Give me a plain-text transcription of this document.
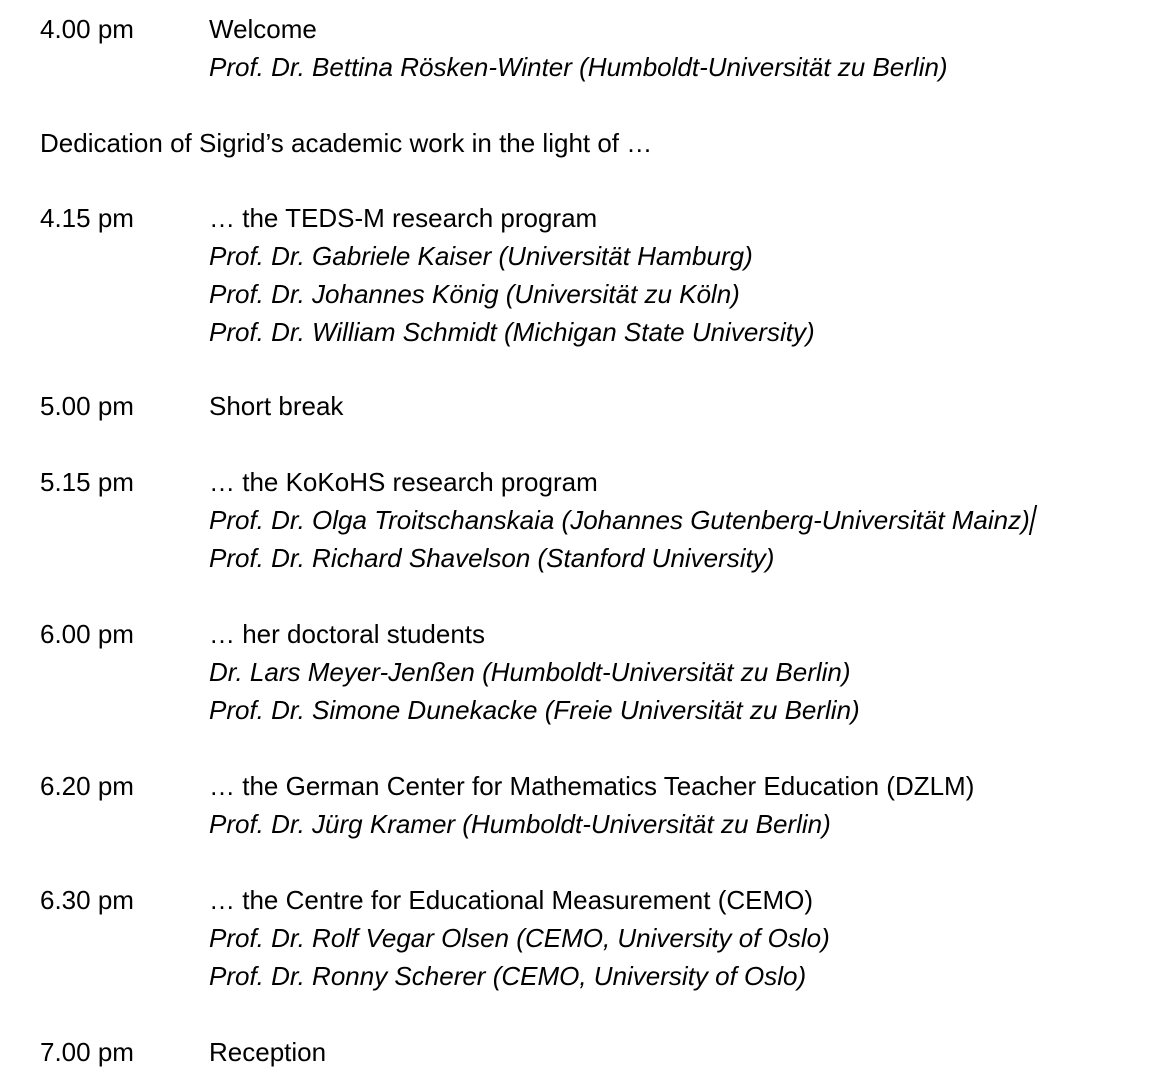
4.00 pm	Welcome
Prof. Dr. Bettina Rösken-Winter (Humboldt-Universität zu Berlin)
Dedication of Sigrid’s academic work in the light of …
4.15 pm	… the TEDS-M research program
Prof. Dr. Gabriele Kaiser (Universität Hamburg)
Prof. Dr. Johannes König (Universität zu Köln)
Prof. Dr. William Schmidt (Michigan State University)
5.00 pm	Short break
5.15 pm	… the KoKoHS research program
Prof. Dr. Olga Troitschanskaia (Johannes Gutenberg-Universität Mainz)
Prof. Dr. Richard Shavelson (Stanford University)
6.00 pm	… her doctoral students
Dr. Lars Meyer-Jenßen (Humboldt-Universität zu Berlin)
Prof. Dr. Simone Dunekacke (Freie Universität zu Berlin)
6.20 pm	… the German Center for Mathematics Teacher Education (DZLM)
Prof. Dr. Jürg Kramer (Humboldt-Universität zu Berlin)
6.30 pm	… the Centre for Educational Measurement (CEMO)
Prof. Dr. Rolf Vegar Olsen (CEMO, University of Oslo)
Prof. Dr. Ronny Scherer (CEMO, University of Oslo)
7.00 pm	Reception
